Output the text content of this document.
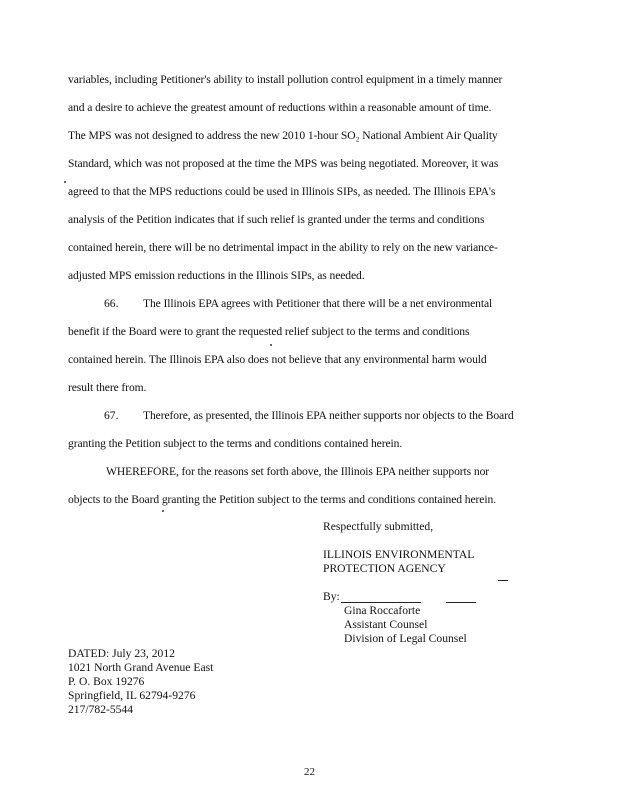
variables, including Petitioner's ability to install pollution control equipment in a timely manner
and a desire to achieve the greatest amount of reductions within a reasonable amount of time.
The MPS was not designed to address the new 2010 1-hour SO₂ National Ambient Air Quality
Standard, which was not proposed at the time the MPS was being negotiated. Moreover, it was
agreed to that the MPS reductions could be used in Illinois SIPs, as needed. The Illinois EPA's
analysis of the Petition indicates that if such relief is granted under the terms and conditions
contained herein, there will be no detrimental impact in the ability to rely on the new variance-
adjusted MPS emission reductions in the Illinois SIPs, as needed.
66. The Illinois EPA agrees with Petitioner that there will be a net environmental
benefit if the Board were to grant the requested relief subject to the terms and conditions
contained herein. The Illinois EPA also does not believe that any environmental harm would
result there from.
67. Therefore, as presented, the Illinois EPA neither supports nor objects to the Board
granting the Petition subject to the terms and conditions contained herein.
WHEREFORE, for the reasons set forth above, the Illinois EPA neither supports nor
objects to the Board granting the Petition subject to the terms and conditions contained herein.
Respectfully submitted,
ILLINOIS ENVIRONMENTAL
PROTECTION AGENCY
By:
Gina Roccaforte
Assistant Counsel
Division of Legal Counsel
DATED: July 23, 2012
1021 North Grand Avenue East
P. O. Box 19276
Springfield, IL 62794-9276
217/782-5544
22
